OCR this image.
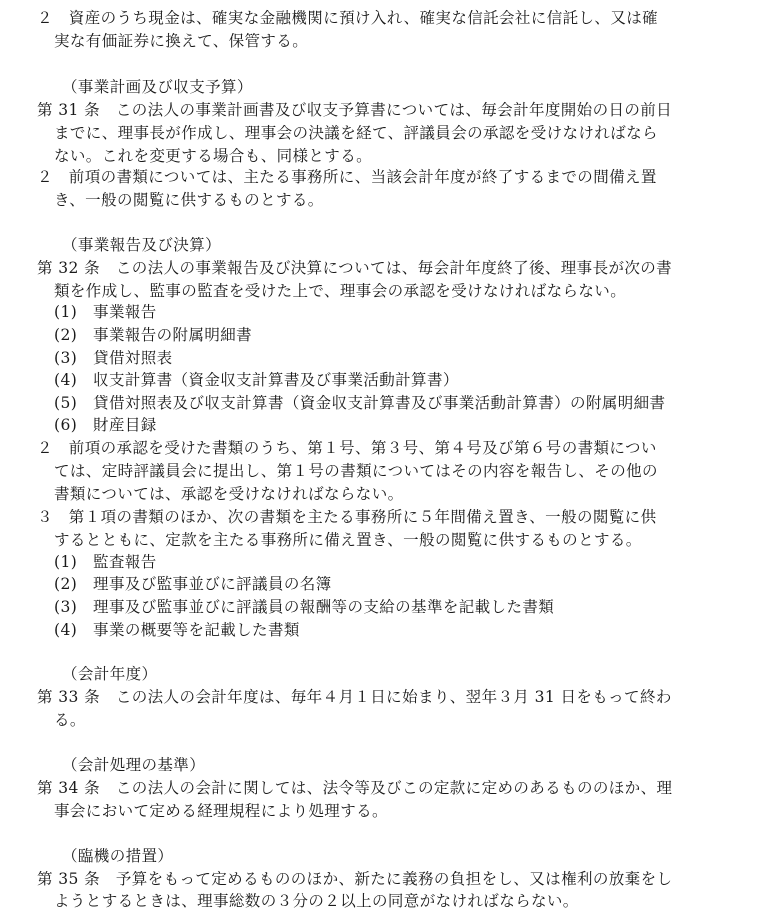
２　資産のうち現金は、確実な金融機関に預け入れ、確実な信託会社に信託し、又は確
実な有価証券に換えて、保管する。
（事業計画及び収支予算）
第 31 条　この法人の事業計画書及び収支予算書については、毎会計年度開始の日の前日
までに、理事長が作成し、理事会の決議を経て、評議員会の承認を受けなければなら
ない。これを変更する場合も、同様とする。
２　前項の書類については、主たる事務所に、当該会計年度が終了するまでの間備え置
き、一般の閲覧に供するものとする。
（事業報告及び決算）
第 32 条　この法人の事業報告及び決算については、毎会計年度終了後、理事長が次の書
類を作成し、監事の監査を受けた上で、理事会の承認を受けなければならない。
(1)　事業報告
(2)　事業報告の附属明細書
(3)　貸借対照表
(4)　収支計算書（資金収支計算書及び事業活動計算書）
(5)　貸借対照表及び収支計算書（資金収支計算書及び事業活動計算書）の附属明細書
(6)　財産目録
２　前項の承認を受けた書類のうち、第１号、第３号、第４号及び第６号の書類につい
ては、定時評議員会に提出し、第１号の書類についてはその内容を報告し、その他の
書類については、承認を受けなければならない。
３　第１項の書類のほか、次の書類を主たる事務所に５年間備え置き、一般の閲覧に供
するとともに、定款を主たる事務所に備え置き、一般の閲覧に供するものとする。
(1)　監査報告
(2)　理事及び監事並びに評議員の名簿
(3)　理事及び監事並びに評議員の報酬等の支給の基準を記載した書類
(4)　事業の概要等を記載した書類
（会計年度）
第 33 条　この法人の会計年度は、毎年４月１日に始まり、翌年３月 31 日をもって終わ
る。
（会計処理の基準）
第 34 条　この法人の会計に関しては、法令等及びこの定款に定めのあるもののほか、理
事会において定める経理規程により処理する。
（臨機の措置）
第 35 条　予算をもって定めるもののほか、新たに義務の負担をし、又は権利の放棄をし
ようとするときは、理事総数の３分の２以上の同意がなければならない。
